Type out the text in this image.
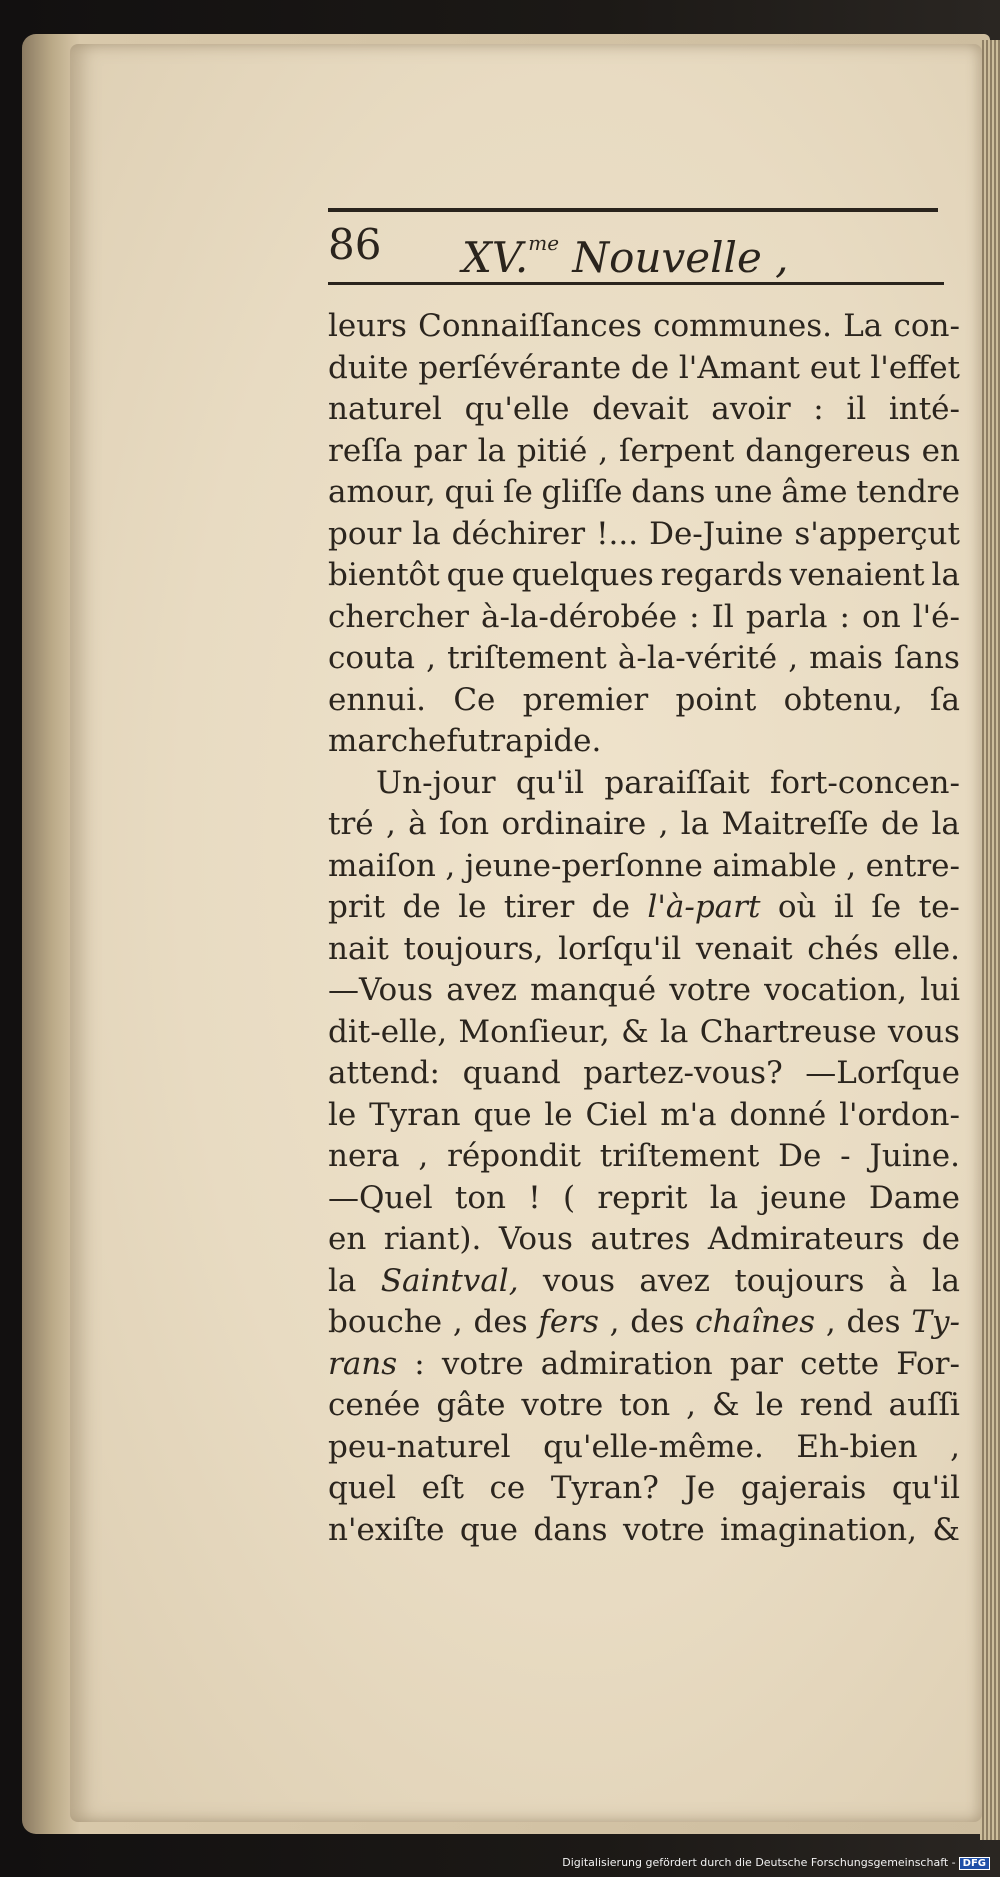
86 XV.$^{me}$ Nouvelle ,
leurs Connaiſſances communes. La con-
duite perſévérante de l'Amant eut l'effet
naturel qu'elle devait avoir : il inté-
reſſa par la pitié , ſerpent dangereus en
amour, qui ſe gliſſe dans une âme tendre
pour la déchirer !... De-Juine s'apperçut
bientôt que quelques regards venaient la
chercher à-la-dérobée : Il parla : on l'é-
couta , triſtement à-la-vérité , mais ſans
ennui. Ce premier point obtenu, ſa
marche fut rapide.
Un-jour qu'il paraiſſait fort-concen-
tré , à ſon ordinaire , la Maitreſſe de la
maiſon , jeune-perſonne aimable , entre-
prit de le tirer de l'à-part où il ſe te-
nait toujours, lorſqu'il venait chés elle.
—Vous avez manqué votre vocation, lui
dit-elle, Monſieur, & la Chartreuse vous
attend: quand partez-vous? —Lorſque
le Tyran que le Ciel m'a donné l'ordon-
nera , répondit triſtement De - Juine.
—Quel ton ! ( reprit la jeune Dame
en riant). Vous autres Admirateurs de
la Saintval, vous avez toujours à la
bouche , des fers , des chaînes , des Ty-
rans : votre admiration par cette For-
cenée gâte votre ton , & le rend auſſi
peu-naturel qu'elle-même. Eh-bien ,
quel eſt ce Tyran? Je gajerais qu'il
n'exiſte que dans votre imagination, &
Digitalisierung gefördert durch die Deutsche Forschungsgemeinschaft - DFG
